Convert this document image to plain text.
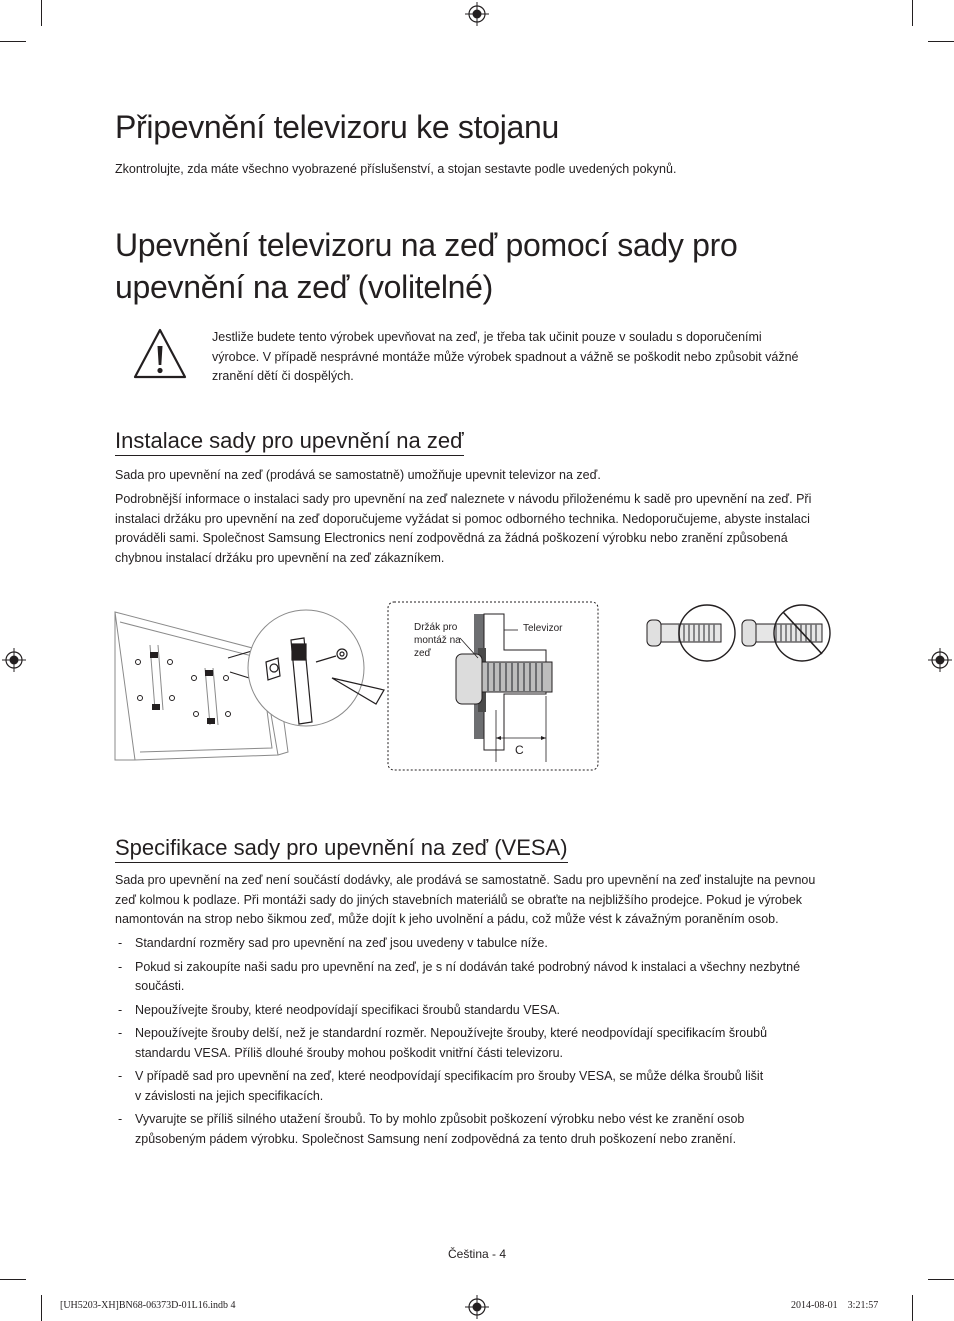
Připevnění televizoru ke stojanu

Zkontrolujte, zda máte všechno vyobrazené příslušenství, a stojan sestavte podle uvedených pokynů.

Upevnění televizoru na zeď pomocí sady pro
upevnění na zeď (volitelné)
Jestliže budete tento výrobek upevňovat na zeď, je třeba tak učinit pouze v souladu s doporučeními
výrobce. V případě nesprávné montáže může výrobek spadnout a vážně se poškodit nebo způsobit vážné
zranění dětí či dospělých.
Instalace sady pro upevnění na zeď

Sada pro upevnění na zeď (prodává se samostatně) umožňuje upevnit televizor na zeď.

Podrobnější informace o instalaci sady pro upevnění na zeď naleznete v návodu přiloženému k sadě pro upevnění na zeď. Při
instalaci držáku pro upevnění na zeď doporučujeme vyžádat si pomoc odborného technika. Nedoporučujeme, abyste instalaci
prováděli sami. Společnost Samsung Electronics není zodpovědná za žádná poškození výrobku nebo zranění způsobená
chybnou instalací držáku pro upevnění na zeď zákazníkem.
Držák pro
montáž na
zeď
Televizor
C
Specifikace sady pro upevnění na zeď (VESA)
Sada pro upevnění na zeď není součástí dodávky, ale prodává se samostatně. Sadu pro upevnění na zeď instalujte na pevnou
zeď kolmou k podlaze. Při montáži sady do jiných stavebních materiálů se obraťte na nejbližšího prodejce. Pokud je výrobek
namontován na strop nebo šikmou zeď, může dojít k jeho uvolnění a pádu, což může vést k závažným poraněním osob.
- Standardní rozměry sad pro upevnění na zeď jsou uvedeny v tabulce níže.
- Pokud si zakoupíte naši sadu pro upevnění na zeď, je s ní dodáván také podrobný návod k instalaci a všechny nezbytné
součásti.
- Nepoužívejte šrouby, které neodpovídají specifikaci šroubů standardu VESA.
- Nepoužívejte šrouby delší, než je standardní rozměr. Nepoužívejte šrouby, které neodpovídají specifikacím šroubů
standardu VESA. Příliš dlouhé šrouby mohou poškodit vnitřní části televizoru.
- V případě sad pro upevnění na zeď, které neodpovídají specifikacím pro šrouby VESA, se může délka šroubů lišit
v závislosti na jejich specifikacích.
- Vyvarujte se příliš silného utažení šroubů. To by mohlo způsobit poškození výrobku nebo vést ke zranění osob
způsobeným pádem výrobku. Společnost Samsung není zodpovědná za tento druh poškození nebo zranění.
Čeština - 4
[UH5203-XH]BN68-06373D-01L16.indb 4	2014-08-01   3:21:57
